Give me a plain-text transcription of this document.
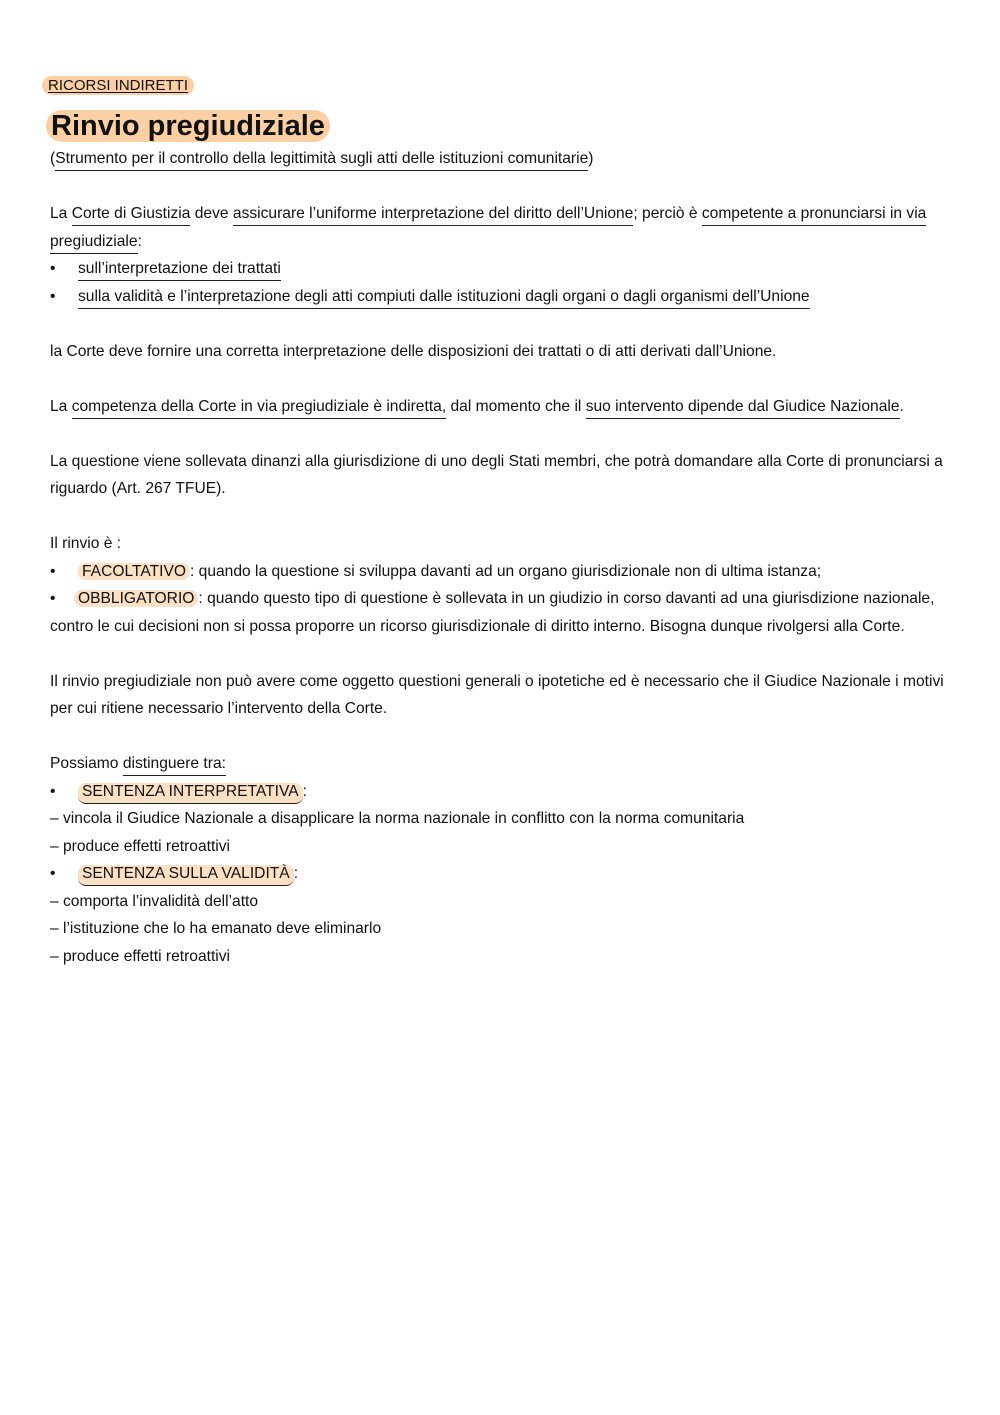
RICORSI INDIRETTI
Rinvio pregiudiziale

(Strumento per il controllo della legittimità sugli atti delle istituzioni comunitarie)

La Corte di Giustizia deve assicurare l’uniforme interpretazione del diritto dell’Unione; perciò è competente a pronunciarsi in via pregiudiziale:

•	sull’interpretazione dei trattati
•	sulla validità e l’interpretazione degli atti compiuti dalle istituzioni dagli organi o dagli organismi dell’Unione

la Corte deve fornire una corretta interpretazione delle disposizioni dei trattati o di atti derivati dall’Unione.

La competenza della Corte in via pregiudiziale è indiretta, dal momento che il suo intervento dipende dal Giudice Nazionale.

La questione viene sollevata dinanzi alla giurisdizione di uno degli Stati membri, che potrà domandare alla Corte di pronunciarsi a riguardo (Art. 267 TFUE).

Il rinvio è :

•	FACOLTATIVO : quando la questione si sviluppa davanti ad un organo giurisdizionale non di ultima istanza;

• OBBLIGATORIO : quando questo tipo di questione è sollevata in un giudizio in corso davanti ad una giurisdizione nazionale, contro le cui decisioni non si possa proporre un ricorso giurisdizionale di diritto interno. Bisogna dunque rivolgersi alla Corte.

Il rinvio pregiudiziale non può avere come oggetto questioni generali o ipotetiche ed è necessario che il Giudice Nazionale i motivi per cui ritiene necessario l’intervento della Corte.

Possiamo distinguere tra:

•	SENTENZA INTERPRETATIVA :

– vincola il Giudice Nazionale a disapplicare la norma nazionale in conflitto con la norma comunitaria

– produce effetti retroattivi

•	SENTENZA SULLA VALIDITÀ :

– comporta l’invalidità dell’atto

– l’istituzione che lo ha emanato deve eliminarlo

– produce effetti retroattivi
